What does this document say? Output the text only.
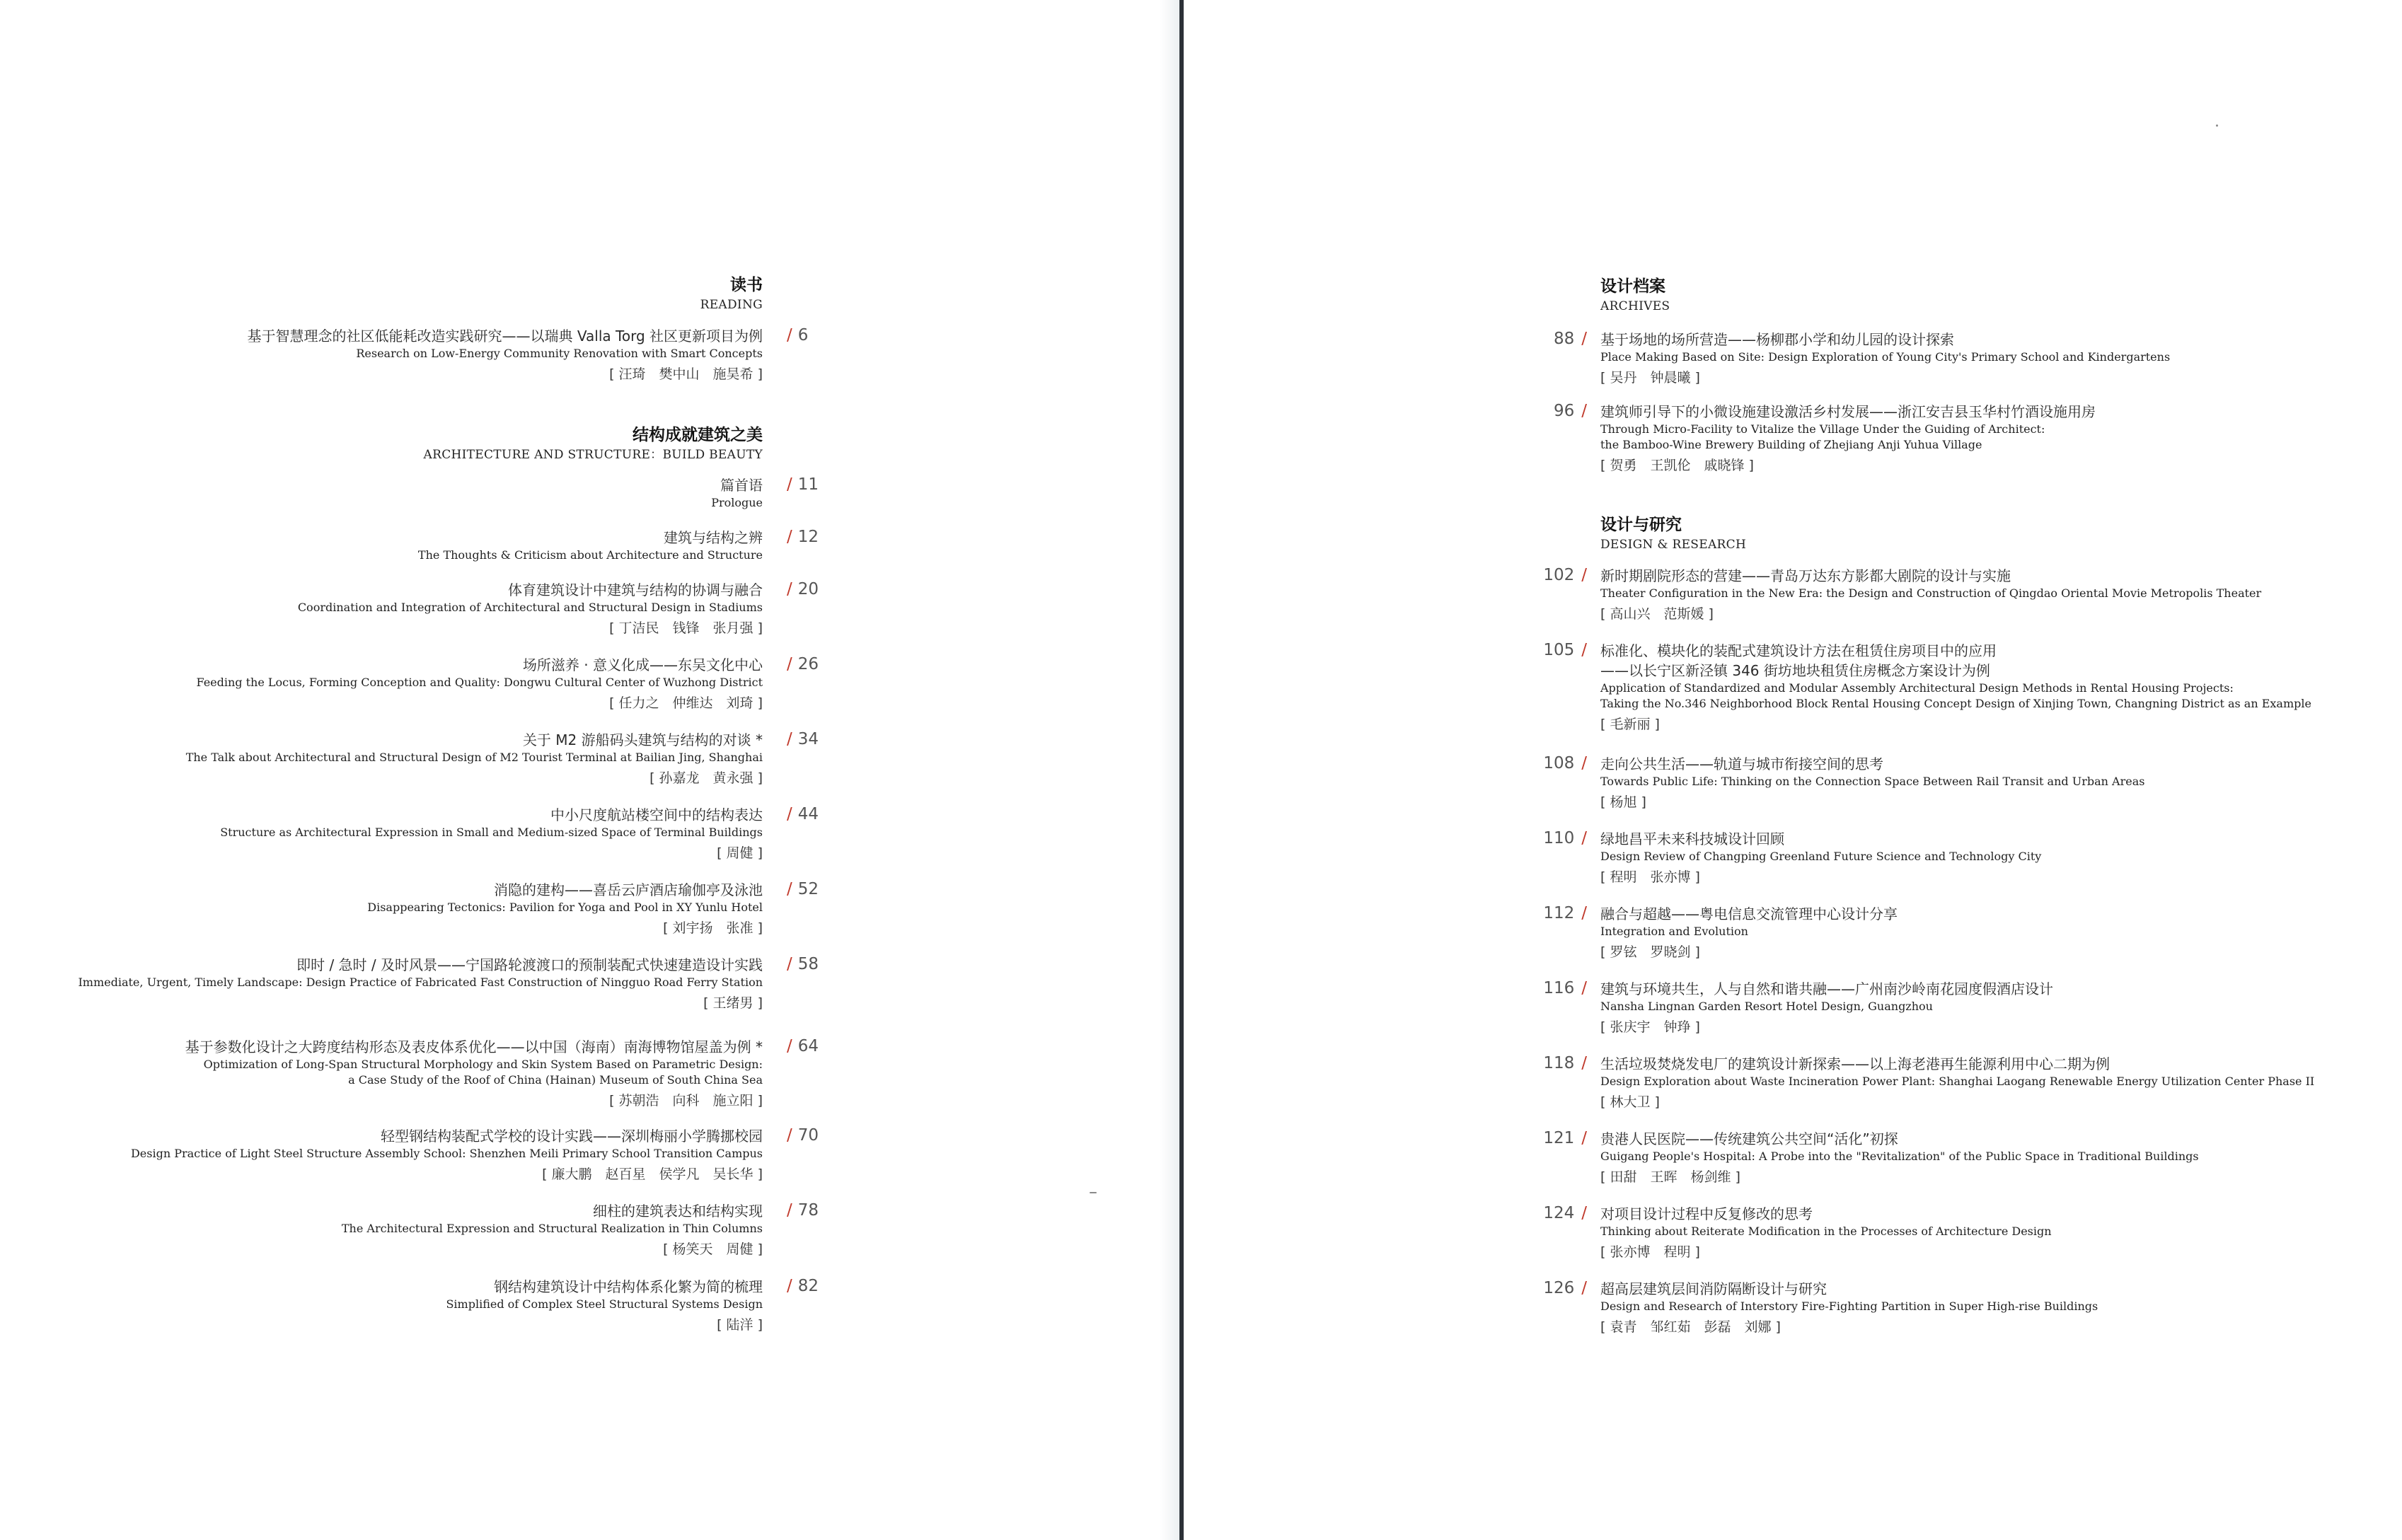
读书
READING
基于智慧理念的社区低能耗改造实践研究——以瑞典 Valla Torg 社区更新项目为例
Research on Low-Energy Community Renovation with Smart Concepts
[ 汪琦　樊中山　施昊希 ]
/ 6
结构成就建筑之美
ARCHITECTURE AND STRUCTURE：BUILD BEAUTY
篇首语
Prologue
/ 11
建筑与结构之辨
The Thoughts & Criticism about Architecture and Structure
/ 12
体育建筑设计中建筑与结构的协调与融合
Coordination and Integration of Architectural and Structural Design in Stadiums
[ 丁洁民　钱锋　张月强 ]
/ 20
场所滋养 · 意义化成——东吴文化中心
Feeding the Locus, Forming Conception and Quality: Dongwu Cultural Center of Wuzhong District
[ 任力之　仲维达　刘琦 ]
/ 26
关于 M2 游船码头建筑与结构的对谈 *
The Talk about Architectural and Structural Design of M2 Tourist Terminal at Bailian Jing, Shanghai
[ 孙嘉龙　黄永强 ]
/ 34
中小尺度航站楼空间中的结构表达
Structure as Architectural Expression in Small and Medium-sized Space of Terminal Buildings
[ 周健 ]
/ 44
消隐的建构——喜岳云庐酒店瑜伽亭及泳池
Disappearing Tectonics: Pavilion for Yoga and Pool in XY Yunlu Hotel
[ 刘宇扬　张准 ]
/ 52
即时 / 急时 / 及时风景——宁国路轮渡渡口的预制装配式快速建造设计实践
Immediate, Urgent, Timely Landscape: Design Practice of Fabricated Fast Construction of Ningguo Road Ferry Station
[ 王绪男 ]
/ 58
基于参数化设计之大跨度结构形态及表皮体系优化——以中国（海南）南海博物馆屋盖为例 *
Optimization of Long-Span Structural Morphology and Skin System Based on Parametric Design:
a Case Study of the Roof of China (Hainan) Museum of South China Sea
[ 苏朝浩　向科　施立阳 ]
/ 64
轻型钢结构装配式学校的设计实践——深圳梅丽小学腾挪校园
Design Practice of Light Steel Structure Assembly School: Shenzhen Meili Primary School Transition Campus
[ 廉大鹏　赵百星　侯学凡　吴长华 ]
/ 70
细柱的建筑表达和结构实现
The Architectural Expression and Structural Realization in Thin Columns
[ 杨笑天　周健 ]
/ 78
钢结构建筑设计中结构体系化繁为简的梳理
Simplified of Complex Steel Structural Systems Design
[ 陆洋 ]
/ 82
设计档案
ARCHIVES
基于场地的场所营造——杨柳郡小学和幼儿园的设计探索
Place Making Based on Site: Design Exploration of Young City's Primary School and Kindergartens
[ 吴丹　钟晨曦 ]
88 /
建筑师引导下的小微设施建设激活乡村发展——浙江安吉县玉华村竹酒设施用房
Through Micro-Facility to Vitalize the Village Under the Guiding of Architect:
the Bamboo-Wine Brewery Building of Zhejiang Anji Yuhua Village
[ 贺勇　王凯伦　戚晓锋 ]
96 /
设计与研究
DESIGN & RESEARCH
新时期剧院形态的营建——青岛万达东方影都大剧院的设计与实施
Theater Configuration in the New Era: the Design and Construction of Qingdao Oriental Movie Metropolis Theater
[ 高山兴　范斯媛 ]
102 /
标准化、模块化的装配式建筑设计方法在租赁住房项目中的应用
——以长宁区新泾镇 346 街坊地块租赁住房概念方案设计为例
Application of Standardized and Modular Assembly Architectural Design Methods in Rental Housing Projects:
Taking the No.346 Neighborhood Block Rental Housing Concept Design of Xinjing Town, Changning District as an Example
[ 毛新丽 ]
105 /
走向公共生活——轨道与城市衔接空间的思考
Towards Public Life: Thinking on the Connection Space Between Rail Transit and Urban Areas
[ 杨旭 ]
108 /
绿地昌平未来科技城设计回顾
Design Review of Changping Greenland Future Science and Technology City
[ 程明　张亦博 ]
110 /
融合与超越——粤电信息交流管理中心设计分享
Integration and Evolution
[ 罗铉　罗晓剑 ]
112 /
建筑与环境共生，人与自然和谐共融——广州南沙岭南花园度假酒店设计
Nansha Lingnan Garden Resort Hotel Design, Guangzhou
[ 张庆宇　钟琤 ]
116 /
生活垃圾焚烧发电厂的建筑设计新探索——以上海老港再生能源利用中心二期为例
Design Exploration about Waste Incineration Power Plant: Shanghai Laogang Renewable Energy Utilization Center Phase II
[ 林大卫 ]
118 /
贵港人民医院——传统建筑公共空间“活化”初探
Guigang People's Hospital: A Probe into the "Revitalization" of the Public Space in Traditional Buildings
[ 田甜　王晖　杨剑维 ]
121 /
对项目设计过程中反复修改的思考
Thinking about Reiterate Modification in the Processes of Architecture Design
[ 张亦博　程明 ]
124 /
超高层建筑层间消防隔断设计与研究
Design and Research of Interstory Fire-Fighting Partition in Super High-rise Buildings
[ 袁青　邹红茹　彭磊　刘娜 ]
126 /
